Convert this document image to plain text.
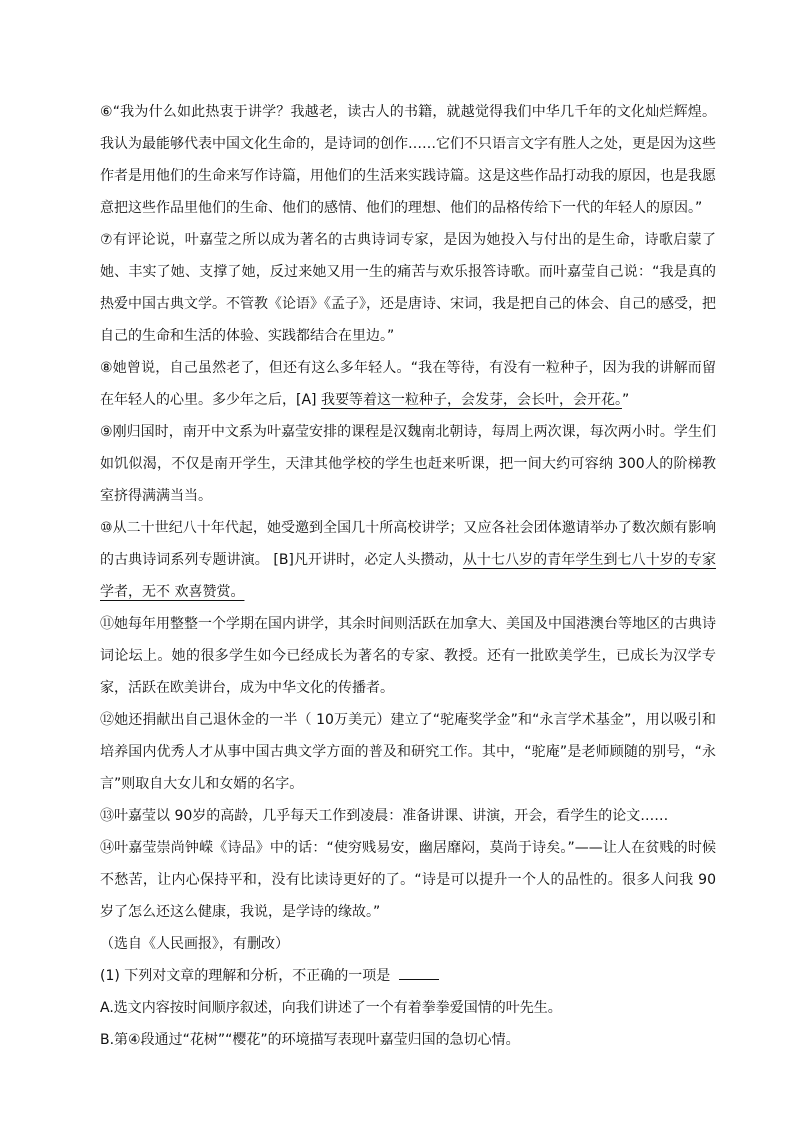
⑥“我为什么如此热衷于讲学？我越老，读古人的书籍，就越觉得我们中华几千年的文化灿烂辉煌。我认为最能够代表中国文化生命的，是诗词的创作……它们不只语言文字有胜人之处，更是因为这些作者是用他们的生命来写作诗篇，用他们的生活来实践诗篇。这是这些作品打动我的原因，也是我愿意把这些作品里他们的生命、他们的感情、他们的理想、他们的品格传给下一代的年轻人的原因。”

⑦有评论说，叶嘉莹之所以成为著名的古典诗词专家，是因为她投入与付出的是生命，诗歌启蒙了她、丰实了她、支撑了她，反过来她又用一生的痛苦与欢乐报答诗歌。而叶嘉莹自己说：“我是真的热爱中国古典文学。不管教《论语》《孟子》，还是唐诗、宋词，我是把自己的体会、自己的感受，把自己的生命和生活的体验、实践都结合在里边。”

⑧她曾说，自己虽然老了，但还有这么多年轻人。“我在等待，有没有一粒种子，因为我的讲解而留在年轻人的心里。多少年之后，[A] 我要等着这一粒种子，会发芽，会长叶，会开花。”

⑨刚归国时，南开中文系为叶嘉莹安排的课程是汉魏南北朝诗，每周上两次课，每次两小时。学生们如饥似渴，不仅是南开学生，天津其他学校的学生也赶来听课，把一间大约可容纳 300人的阶梯教室挤得满满当当。

⑩从二十世纪八十年代起，她受邀到全国几十所高校讲学；又应各社会团体邀请举办了数次颇有影响的古典诗词系列专题讲演。 [B]凡开讲时，必定人头攒动，从十七八岁的青年学生到七八十岁的专家学者，无不 欢喜赞赏。

⑪她每年用整整一个学期在国内讲学，其余时间则活跃在加拿大、美国及中国港澳台等地区的古典诗词论坛上。她的很多学生如今已经成长为著名的专家、教授。还有一批欧美学生，已成长为汉学专家，活跃在欧美讲台，成为中华文化的传播者。

⑫她还捐献出自己退休金的一半（ 10万美元）建立了“驼庵奖学金”和“永言学术基金”，用以吸引和培养国内优秀人才从事中国古典文学方面的普及和研究工作。其中，“驼庵”是老师顾随的别号，“永言”则取自大女儿和女婿的名字。

⑬叶嘉莹以 90岁的高龄，几乎每天工作到凌晨：准备讲课、讲演，开会，看学生的论文……

⑭叶嘉莹崇尚钟嵘《诗品》中的话：“使穷贱易安，幽居靡闷，莫尚于诗矣。”——让人在贫贱的时候不愁苦，让内心保持平和，没有比读诗更好的了。“诗是可以提升一个人的品性的。很多人问我 90岁了怎么还这么健康，我说，是学诗的缘故。”

（选自《人民画报》，有删改）

(1) 下列对文章的理解和分析，不正确的一项是

A.选文内容按时间顺序叙述，向我们讲述了一个有着拳拳爱国情的叶先生。

B.第④段通过“花树”“樱花”的环境描写表现叶嘉莹归国的急切心情。
